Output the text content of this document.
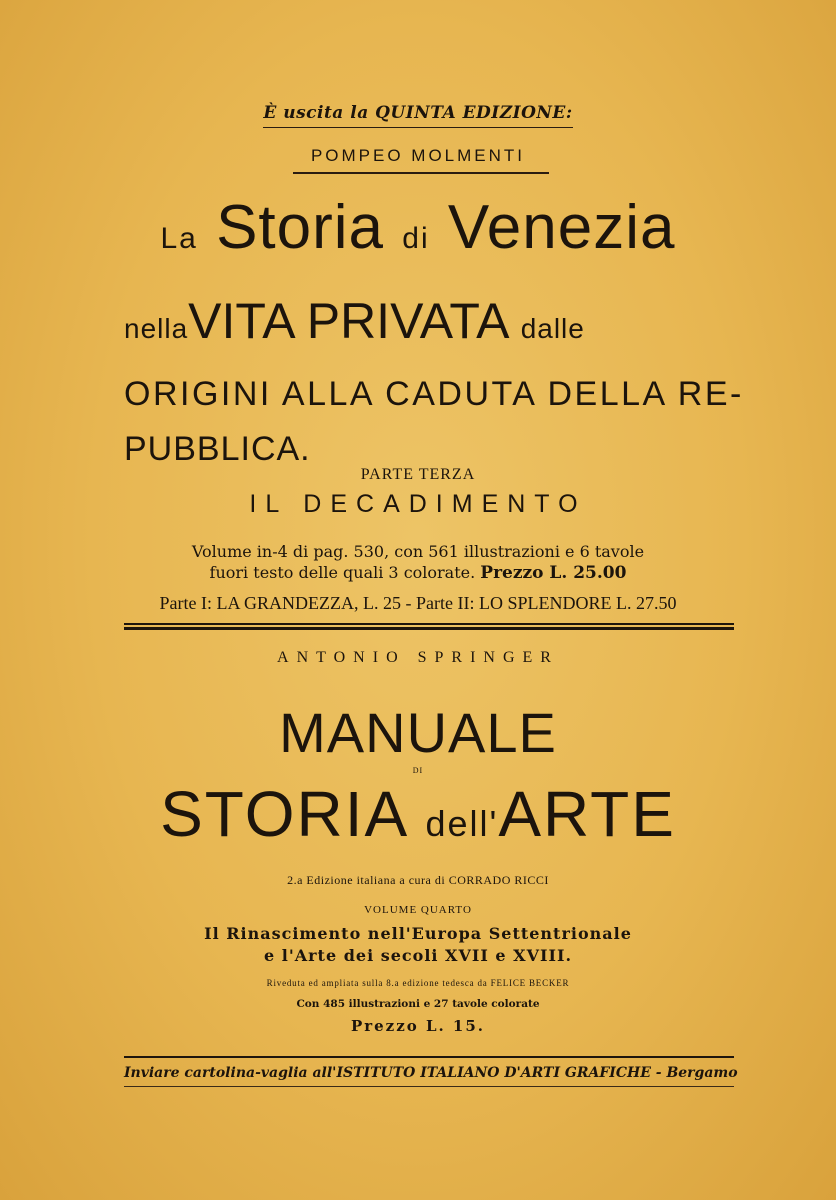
È uscita la QUINTA EDIZIONE:
POMPEO MOLMENTI
La Storia di Venezia
nellaVITA PRIVATA dalle
ORIGINI ALLA CADUTA DELLA RE-
PUBBLICA.
PARTE TERZA
IL DECADIMENTO
Volume in-4 di pag. 530, con 561 illustrazioni e 6 tavole
fuori testo delle quali 3 colorate. Prezzo L. 25.00
Parte I: LA GRANDEZZA, L. 25 - Parte II: LO SPLENDORE L. 27.50
ANTONIO SPRINGER
MANUALE
DI
STORIA dell'ARTE
2.a Edizione italiana a cura di CORRADO RICCI
VOLUME QUARTO
Il Rinascimento nell'Europa Settentrionale
e l'Arte dei secoli XVII e XVIII.
Riveduta ed ampliata sulla 8.a edizione tedesca da FELICE BECKER
Con 485 illustrazioni e 27 tavole colorate
Prezzo L. 15.
Inviare cartolina-vaglia all'ISTITUTO ITALIANO D'ARTI GRAFICHE - Bergamo
